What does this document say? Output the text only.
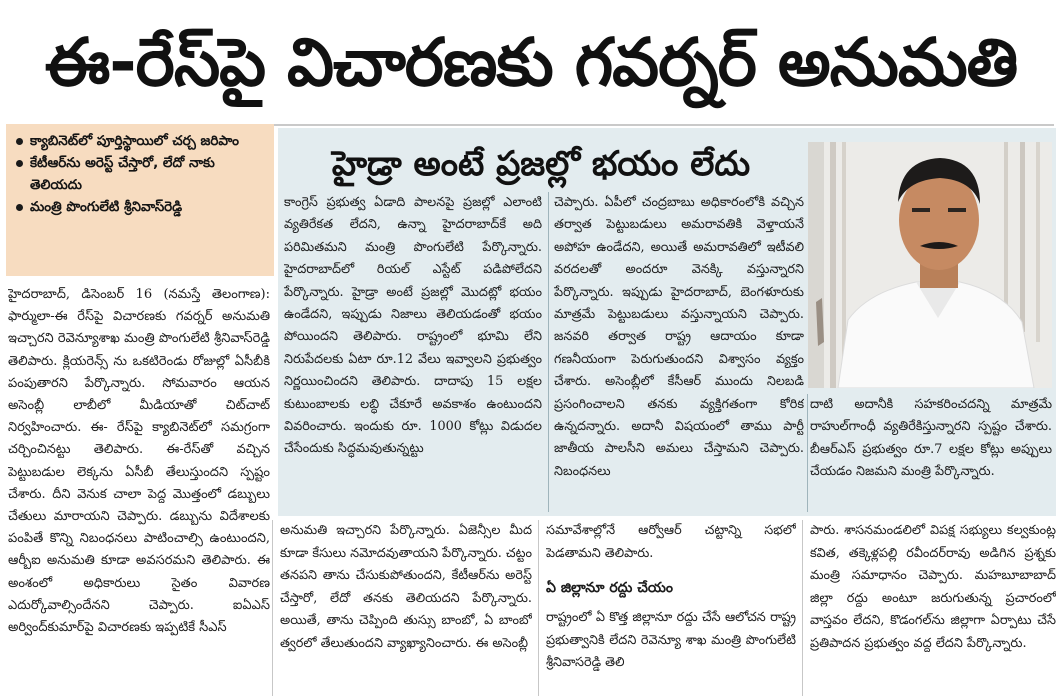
ఈ-రేస్‌పై విచారణకు గవర్నర్ అనుమతి
క్యాబినెట్‌లో పూర్తిస్థాయిలో చర్చ జరిపాం
కేటీఆర్‌ను అరెస్ట్ చేస్తారో, లేదో నాకు తెలియదు
మంత్రి పొంగులేటి శ్రీనివాస్‌రెడ్డి

హైదరాబాద్, డిసెంబర్ 16 (నమస్తే తెలంగాణ): ఫార్ములా-ఈ రేస్‌పై విచారణకు గవర్నర్ అనుమతి ఇచ్చారని రెవెన్యూశాఖ మంత్రి పొంగులేటి శ్రీనివాస్‌రెడ్డి తెలిపారు. క్లియరెన్స్ ను ఒకటిరెండు రోజుల్లో ఏసీబీకి పంపుతారని పేర్కొన్నారు. సోమవారం ఆయన అసెంబ్లీ లాబీలో మీడియాతో చిట్‌చాట్ నిర్వహించారు. ఈ- రేస్‌పై క్యాబినెట్‌లో సమగ్రంగా చర్చించినట్టు తెలిపారు. ఈ-రేస్‌తో వచ్చిన పెట్టుబడుల లెక్కను ఏసీబీ తేలుస్తుందని స్పష్టం చేశారు. దీని వెనుక చాలా పెద్ద మొత్తంలో డబ్బులు చేతులు మారాయని చెప్పారు. డబ్బును విదేశాలకు పంపితే కొన్ని నిబంధనలు పాటించాల్సి ఉంటుందని, ఆర్బీఐ అనుమతి కూడా అవసరమని తెలిపారు. ఈ అంశంలో అధికారులు సైతం వివారణ ఎదుర్కోవాల్సిందేనని చెప్పారు. ఐఏఎస్ అర్వింద్‌కుమార్‌పై విచారణకు ఇప్పటికే సీఎస్

హైడ్రా అంటే ప్రజల్లో భయం లేదు

కాంగ్రెస్ ప్రభుత్వ ఏడాది పాలనపై ప్రజల్లో ఎలాంటి వ్యతిరేకత లేదని, ఉన్నా హైదరాబాద్‌కే అది పరిమితమని మంత్రి పొంగులేటి పేర్కొన్నారు. హైదరాబాద్‌లో రియల్ ఎస్టేట్ పడిపోలేదని పేర్కొన్నారు. హైడ్రా అంటే ప్రజల్లో మొదట్లో భయం ఉండేదని, ఇప్పుడు నిజాలు తెలియడంతో భయం పోయిందని తెలిపారు. రాష్ట్రంలో భూమి లేని నిరుపేదలకు ఏటా రూ.12 వేలు ఇవ్వాలని ప్రభుత్వం నిర్ణయించిందని తెలిపారు. దాదాపు 15 లక్షల కుటుంబాలకు లబ్ధి చేకూరే అవకాశం ఉంటుందని వివరించారు. ఇందుకు రూ. 1000 కోట్లు విడుదల చేసేందుకు సిద్ధమవుతున్నట్టు

చెప్పారు. ఏపీలో చంద్రబాబు అధికారంలోకి వచ్చిన తర్వాత పెట్టుబడులు అమరావతికి వెళ్తాయనే అపోహ ఉండేదని, అయితే అమరావతిలో ఇటీవలి వరదలతో అందరూ వెనక్కి వస్తున్నారని పేర్కొన్నారు. ఇప్పుడు హైదరాబాద్, బెంగళూరుకు మాత్రమే పెట్టుబడులు వస్తున్నాయని చెప్పారు. జనవరి తర్వాత రాష్ట్ర ఆదాయం కూడా గణనీయంగా పెరుగుతుందని విశ్వాసం వ్యక్తం చేశారు. అసెంబ్లీలో కేసీఆర్ ముందు నిలబడి ప్రసంగించాలని తనకు వ్యక్తిగతంగా కోరిక ఉన్నదన్నారు. అదానీ విషయంలో తాము పార్టీ జాతీయ పాలసీని అమలు చేస్తామని చెప్పారు. నిబంధనలు

దాటి అదానీకి సహకరించదన్ని మాత్రమే రాహుల్‌గాంధీ వ్యతిరేకిస్తున్నారని స్పష్టం చేశారు. బీఆర్ఎస్ ప్రభుత్వం రూ.7 లక్షల కోట్లు అప్పులు చేయడం నిజమని మంత్రి పేర్కొన్నారు.

అనుమతి ఇచ్చారని పేర్కొన్నారు. ఏజెన్సీల మీద కూడా కేసులు నమోదవుతాయని పేర్కొన్నారు. చట్టం తనపని తాను చేసుకుపోతుందని, కేటీఆర్‌ను అరెస్ట్ చేస్తారో, లేదో తనకు తెలియదని పేర్కొన్నారు. అయితే, తాను చెప్పింది తుస్సు బాంబో, ఏ బాంబో త్వరలో తేలుతుందని వ్యాఖ్యానించారు. ఈ అసెంబ్లీ

సమావేశాల్లోనే ఆర్వోఆర్ చట్టాన్ని సభలో పెడతామని తెలిపారు.

ఏ జిల్లానూ రద్దు చేయం

రాష్ట్రంలో ఏ కొత్త జిల్లానూ రద్దు చేసే ఆలోచన రాష్ట్ర ప్రభుత్వానికి లేదని రెవెన్యూ శాఖ మంత్రి పొంగులేటి శ్రీనివాసరెడ్డి తెలి

పారు. శాసనమండలిలో విపక్ష సభ్యులు కల్వకుంట్ల కవిత, తక్కెళ్లపల్లి రవీందర్‌రావు అడిగిన ప్రశ్నకు మంత్రి సమాధానం చెప్పారు. మహబూబాబాద్ జిల్లా రద్దు అంటూ జరుగుతున్న ప్రచారంలో వాస్తవం లేదని, కొడంగల్‌ను జిల్లాగా ఏర్పాటు చేసే ప్రతిపాదన ప్రభుత్వం వద్ద లేదని పేర్కొన్నారు.
